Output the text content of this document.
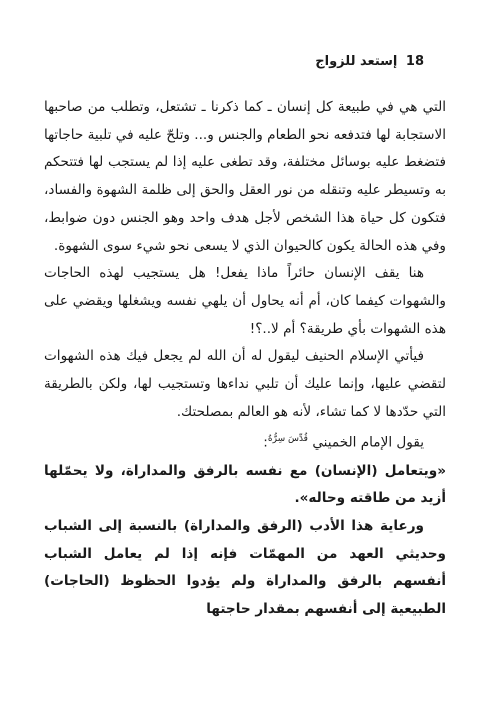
18 إستعد للزواج

التي هي في طبيعة كل إنسان ـ كما ذكرنا ـ تشتعل، وتطلب من صاحبها الاستجابة لها فتدفعه نحو الطعام والجنس و... وتلحّ عليه في تلبية حاجاتها فتضغط عليه بوسائل مختلفة، وقد تطغى عليه إذا لم يستجب لها فتتحكم به وتسيطر عليه وتنقله من نور العقل والحق إلى ظلمة الشهوة والفساد، فتكون كل حياة هذا الشخص لأجل هدف واحد وهو الجنس دون ضوابط، وفي هذه الحالة يكون كالحيوان الذي لا يسعى نحو شيء سوى الشهوة.

هنا يقف الإنسان حائراً ماذا يفعل! هل يستجيب لهذه الحاجات والشهوات كيفما كان، أم أنه يحاول أن يلهي نفسه ويشغلها ويقضي على هذه الشهوات بأي طريقة؟ أم لا..؟!

فيأتي الإسلام الحنيف ليقول له أن الله لم يجعل فيك هذه الشهوات لتقضي عليها، وإنما عليك أن تلبي نداءها وتستجيب لها، ولكن بالطريقة التي حدّدها لا كما تشاء، لأنه هو العالم بمصلحتك.

يقول الإمام الخميني $^{قُدِّسَ سِرُّهُ}$:

«ويتعامل (الإنسان) مع نفسه بالرفق والمداراة، ولا يحمّلها أزيد من طاقته وحاله».

ورعاية هذا الأدب (الرفق والمداراة) بالنسبة إلى الشباب وحديثي العهد من المهمّات فإنه إذا لم يعامل الشباب أنفسهم بالرفق والمداراة ولم يؤدوا الحظوظ (الحاجات) الطبيعية إلى أنفسهم بمقدار حاجتها
